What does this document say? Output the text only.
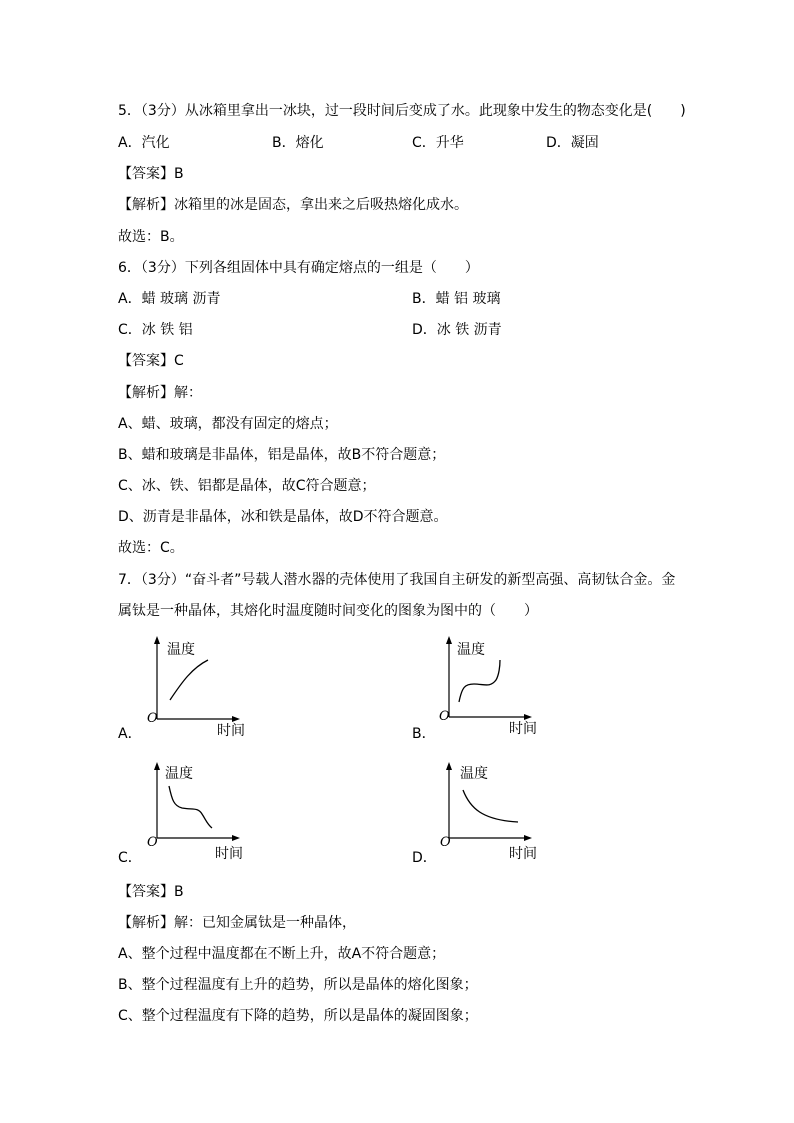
5．（3分）从冰箱里拿出一冰块，过一段时间后变成了水。此现象中发生的物态变化是(　　)

A．汽化	B．熔化	C．升华	D．凝固

【答案】B

【解析】冰箱里的冰是固态，拿出来之后吸热熔化成水。

故选：B。

6．（3分）下列各组固体中具有确定熔点的一组是（　　）

A．蜡 玻璃 沥青	B．蜡 铝 玻璃

C．冰 铁 铝	D．冰 铁 沥青

【答案】C

【解析】解：

A、蜡、玻璃，都没有固定的熔点；

B、蜡和玻璃是非晶体，铝是晶体，故B不符合题意；

C、冰、铁、铝都是晶体，故C符合题意；

D、沥青是非晶体，冰和铁是晶体，故D不符合题意。

故选：C。

7．（3分）“奋斗者”号载人潜水器的壳体使用了我国自主研发的新型高强、高韧钛合金。金

属钛是一种晶体，其熔化时温度随时间变化的图象为图中的（　　）

温度
时间
O

A．

温度
时间
O

B．

温度
时间
O

C．

温度
时间
O

D．

【答案】B

【解析】解：已知金属钛是一种晶体，

A、整个过程中温度都在不断上升，故A不符合题意；

B、整个过程温度有上升的趋势，所以是晶体的熔化图象；

C、整个过程温度有下降的趋势，所以是晶体的凝固图象；
